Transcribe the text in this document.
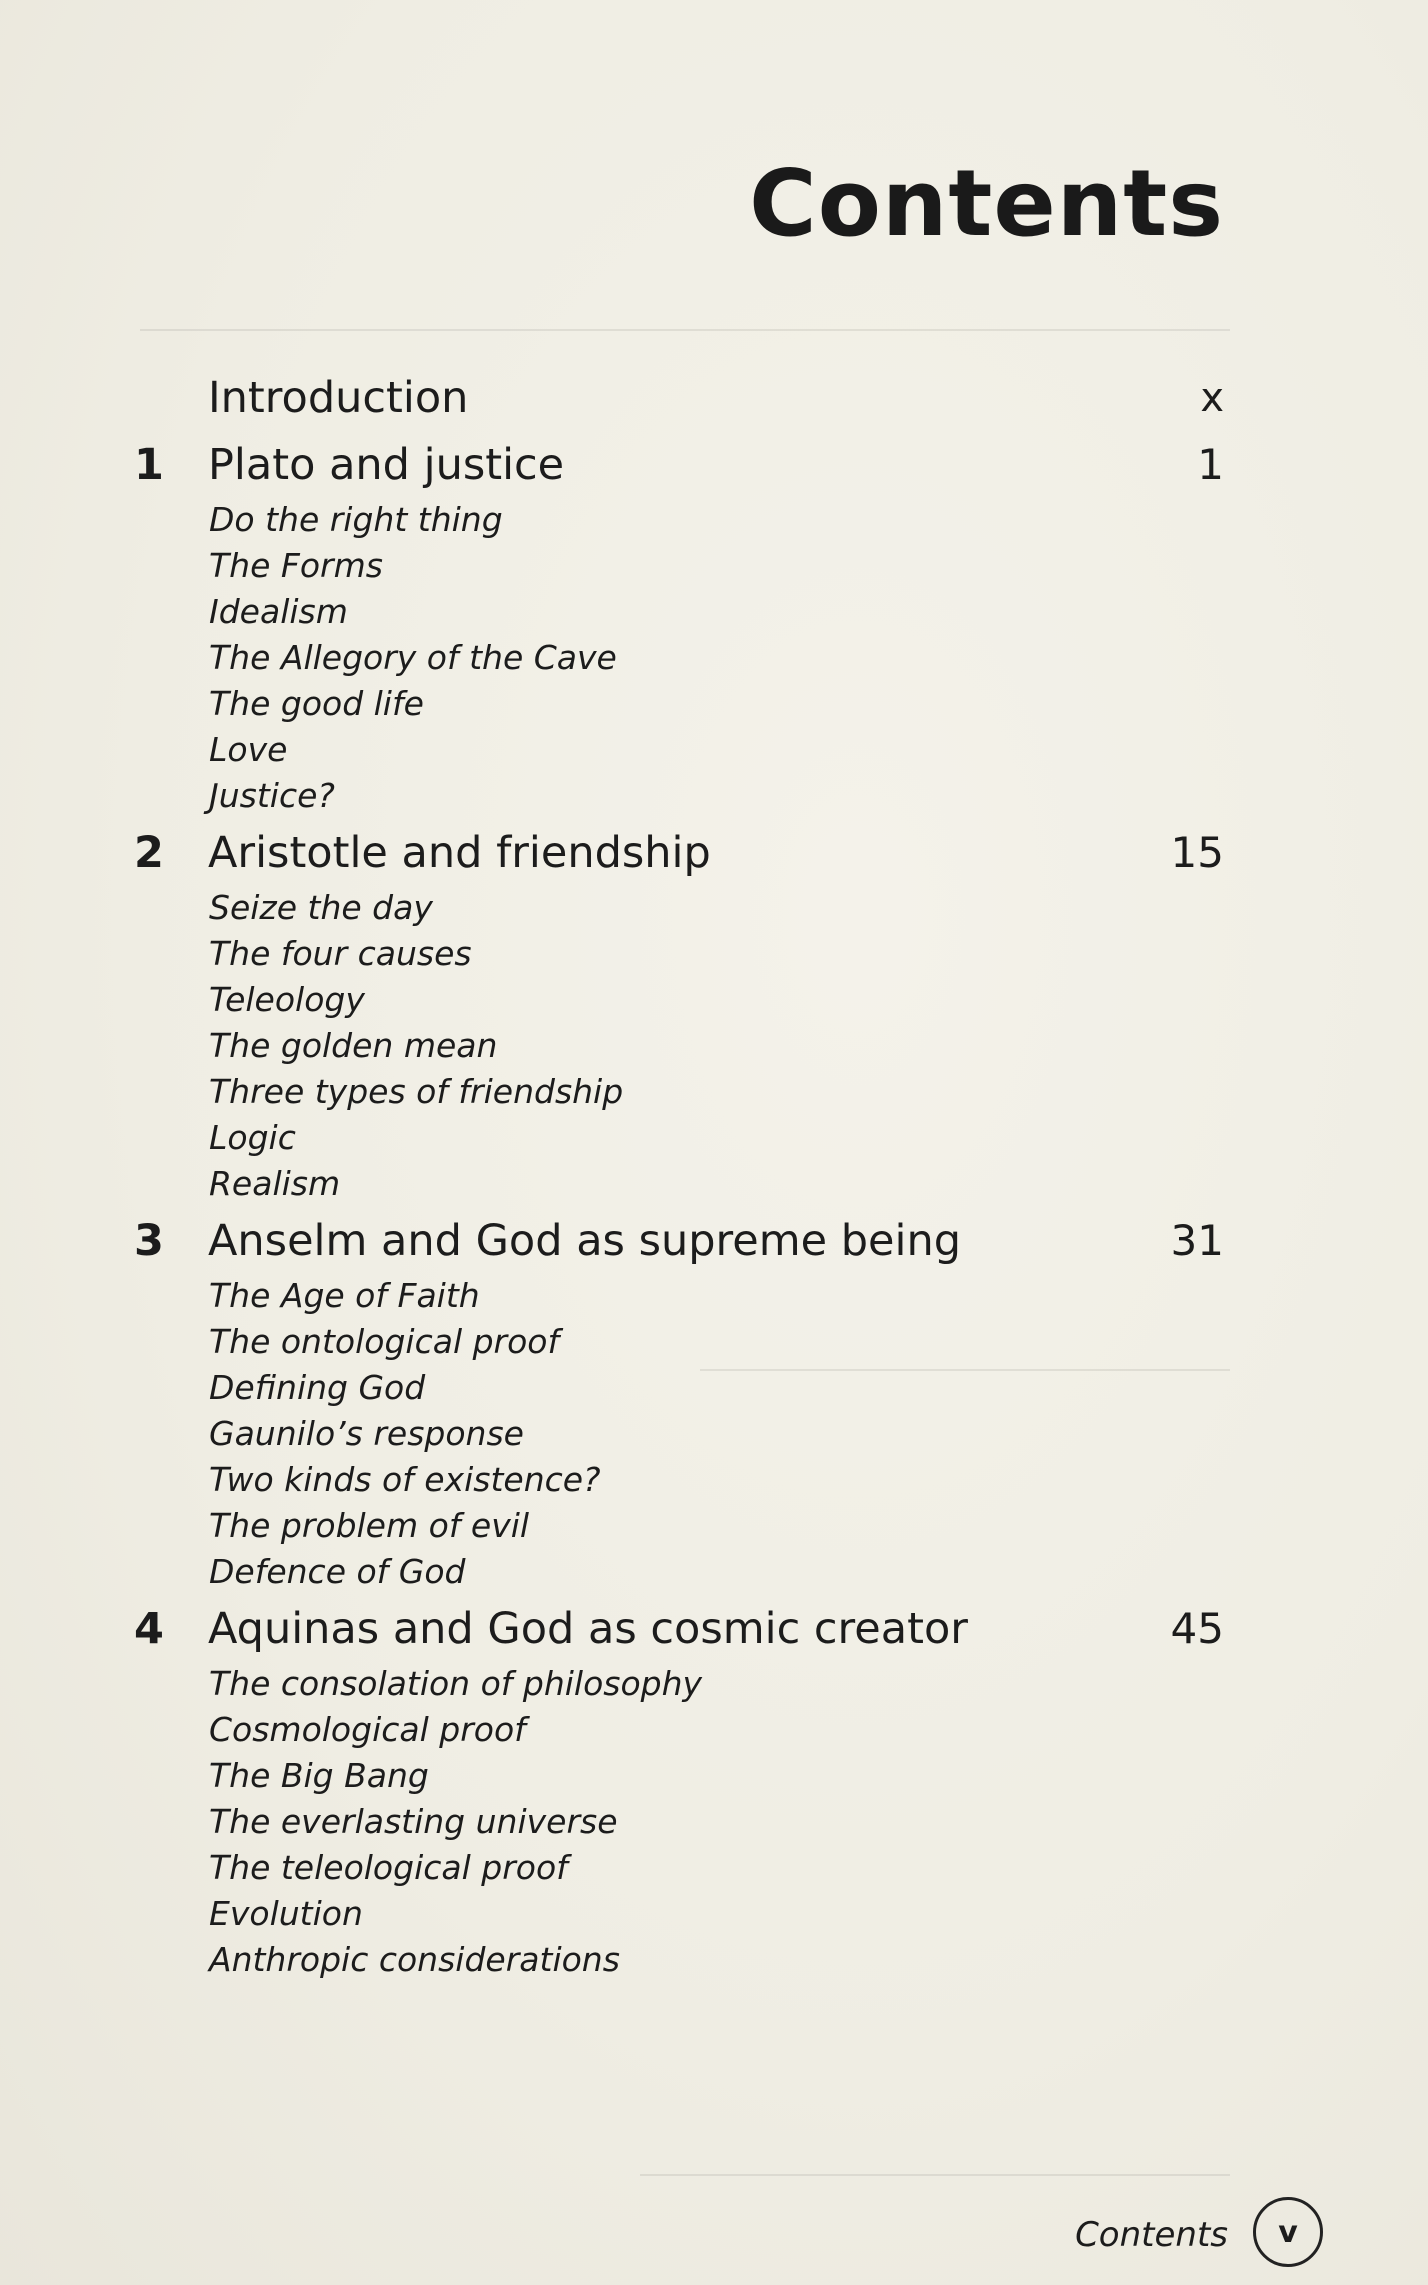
Contents
Introduction	x
1 Plato and justice	1
Do the right thing
The Forms
Idealism
The Allegory of the Cave
The good life
Love
Justice?
2 Aristotle and friendship	15
Seize the day
The four causes
Teleology
The golden mean
Three types of friendship
Logic
Realism
3 Anselm and God as supreme being	31
The Age of Faith
The ontological proof
Defining God
Gaunilo’s response
Two kinds of existence?
The problem of evil
Defence of God
4 Aquinas and God as cosmic creator	45
The consolation of philosophy
Cosmological proof
The Big Bang
The everlasting universe
The teleological proof
Evolution
Anthropic considerations
Contents	v
